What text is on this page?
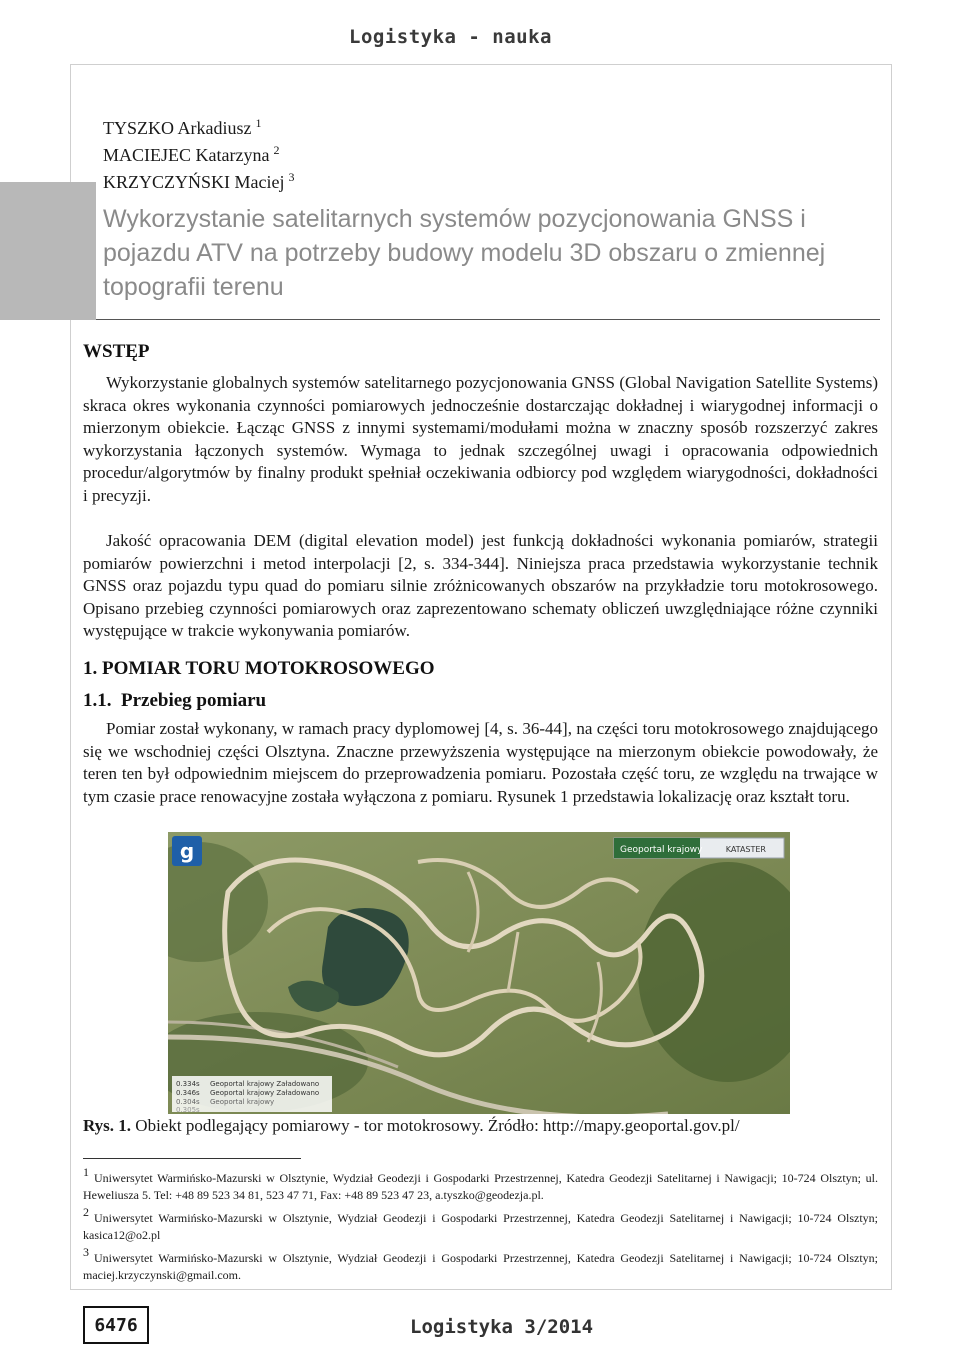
Logistyka - nauka
TYSZKO Arkadiusz $^1$
MACIEJEC Katarzyna $^2$
KRZYCZYŃSKI Maciej $^3$
Wykorzystanie satelitarnych systemów pozycjonowania GNSS i pojazdu ATV na potrzeby budowy modelu 3D obszaru o zmiennej topografii terenu
WSTĘP

Wykorzystanie globalnych systemów satelitarnego pozycjonowania GNSS (Global Navigation Satellite Systems) skraca okres wykonania czynności pomiarowych jednocześnie dostarczając dokładnej i wiarygodnej informacji o mierzonym obiekcie. Łącząc GNSS z innymi systemami/modułami można w znaczny sposób rozszerzyć zakres wykorzystania łączonych systemów. Wymaga to jednak szczególnej uwagi i opracowania odpowiednich procedur/algorytmów by finalny produkt spełniał oczekiwania odbiorcy pod względem wiarygodności, dokładności i precyzji.

Jakość opracowania DEM (digital elevation model) jest funkcją dokładności wykonania pomiarów, strategii pomiarów powierzchni i metod interpolacji [2, s. 334-344]. Niniejsza praca przedstawia wykorzystanie technik GNSS oraz pojazdu typu quad do pomiaru silnie zróżnicowanych obszarów na przykładzie toru motokrosowego. Opisano przebieg czynności pomiarowych oraz zaprezentowano schematy obliczeń uwzględniające różne czynniki występujące w trakcie wykonywania pomiarów.

1. POMIAR TORU MOTOKROSOWEGO
1.1. Przebieg pomiaru

Pomiar został wykonany, w ramach pracy dyplomowej [4, s. 36-44], na części toru motokrosowego znajdującego się we wschodniej części Olsztyna. Znaczne przewyższenia występujące na mierzonym obiekcie powodowały, że teren ten był odpowiednim miejscem do przeprowadzenia pomiaru. Pozostała część toru, ze względu na trwające w tym czasie prace renowacyjne została wyłączona z pomiaru. Rysunek 1 przedstawia lokalizację oraz kształt toru.

g	Geoportal krajowy	KATASTER
0.334s Geoportal krajowy Załadowano
0.346s Geoportal krajowy Załadowano
0.304s Geoportal krajowy
0.305s
Rys. 1. Obiekt podlegający pomiarowy - tor motokrosowy. Źródło: http://mapy.geoportal.gov.pl/

$^1$ Uniwersytet Warmińsko-Mazurski w Olsztynie, Wydział Geodezji i Gospodarki Przestrzennej, Katedra Geodezji Satelitarnej i Nawigacji; 10-724 Olsztyn; ul. Heweliusza 5. Tel: +48 89 523 34 81, 523 47 71, Fax: +48 89 523 47 23, a.tyszko@geodezja.pl.

$^2$ Uniwersytet Warmińsko-Mazurski w Olsztynie, Wydział Geodezji i Gospodarki Przestrzennej, Katedra Geodezji Satelitarnej i Nawigacji; 10-724 Olsztyn; kasica12@o2.pl

$^3$ Uniwersytet Warmińsko-Mazurski w Olsztynie, Wydział Geodezji i Gospodarki Przestrzennej, Katedra Geodezji Satelitarnej i Nawigacji; 10-724 Olsztyn; maciej.krzyczynski@gmail.com.

6476	Logistyka 3/2014
